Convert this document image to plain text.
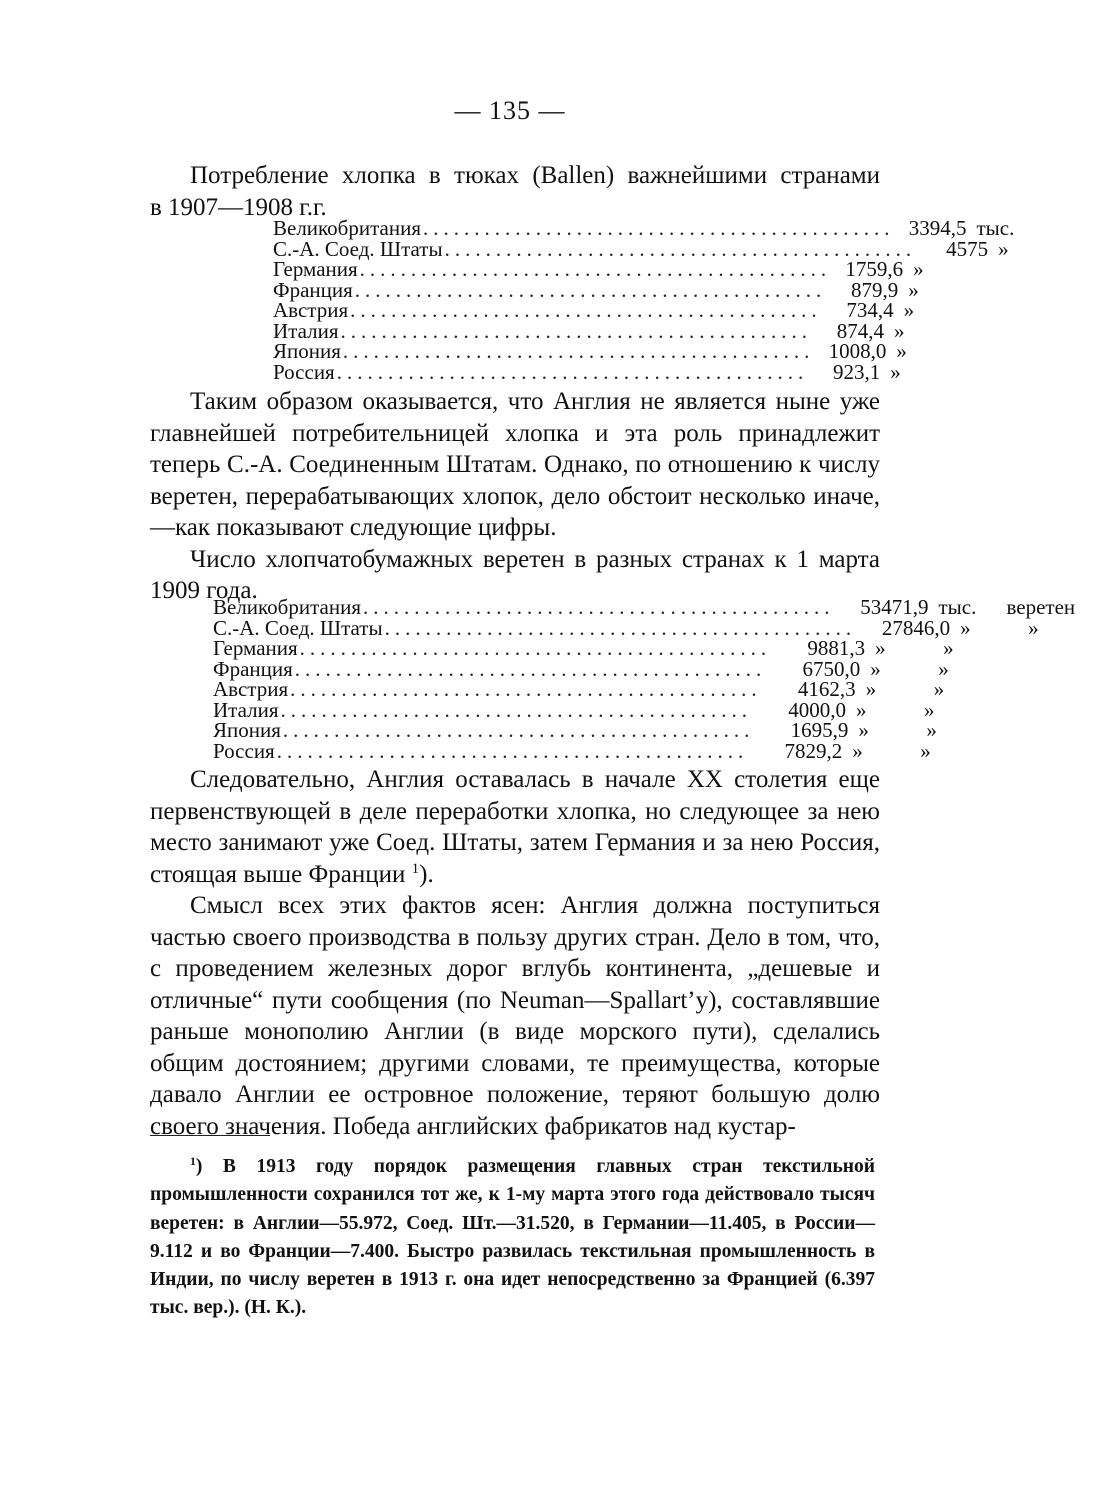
— 135 —

Потребление хлопка в тюках (Ballen) важнейшими странами

в 1907—1908 г.г.

Великобритания .............................................. 3394,5 тыс.
С.-А. Соед. Штаты ..............................................	4575 »
Германия .............................................. 1759,6 »
Франция ..............................................	879,9 »
Австрия ..............................................	734,4 »
Италия ..............................................	874,4 »
Япония .............................................. 1008,0 »
Россия ..............................................	923,1 »

Таким образом оказывается, что Англия не является ныне уже главнейшей потребительницей хлопка и эта роль принадлежит теперь С.-А. Соединенным Штатам. Однако, по отношению к числу веретен, перерабатывающих хлопок, дело обстоит несколько иначе,—как показывают следующие цифры.

Число хлопчатобумажных веретен в разных странах к 1 марта 1909 года.

Великобритания ..............................................	53471,9 тыс.	веретен
С.-А. Соед. Штаты ..............................................	27846,0 »	»
Германия ..............................................	9881,3 »	»
Франция ..............................................	6750,0 »	»
Австрия ..............................................	4162,3 »	»
Италия ..............................................	4000,0 »	»
Япония ..............................................	1695,9 »	»
Россия ..............................................	7829,2 »	»

Следовательно, Англия оставалась в начале XX столетия еще первенствующей в деле переработки хлопка, но следующее за нею место занимают уже Соед. Штаты, затем Германия и за нею Россия, стоящая выше Франции $^1$).

Смысл всех этих фактов ясен: Англия должна поступиться частью своего производства в пользу других стран. Дело в том, что, с проведением железных дорог вглубь континента, „дешевые и отличные“ пути сообщения (по Neuman—Spallart’y), составлявшие раньше монополию Англии (в виде морского пути), сделались общим достоянием; другими словами, те преимущества, которые давало Англии ее островное положение, теряют большую долю своего значения. Победа английских фабрикатов над кустар-

$^1$) В 1913 году порядок размещения главных стран текстильной промышленности сохранился тот же, к 1-му марта этого года действовало тысяч веретен: в Англии—55.972, Соед. Шт.—31.520, в Германии—11.405, в России—9.112 и во Франции—7.400. Быстро развилась текстильная промышленность в Индии, по числу веретен в 1913 г. она идет непосредственно за Францией (6.397 тыс. вер.). (Н. К.).
